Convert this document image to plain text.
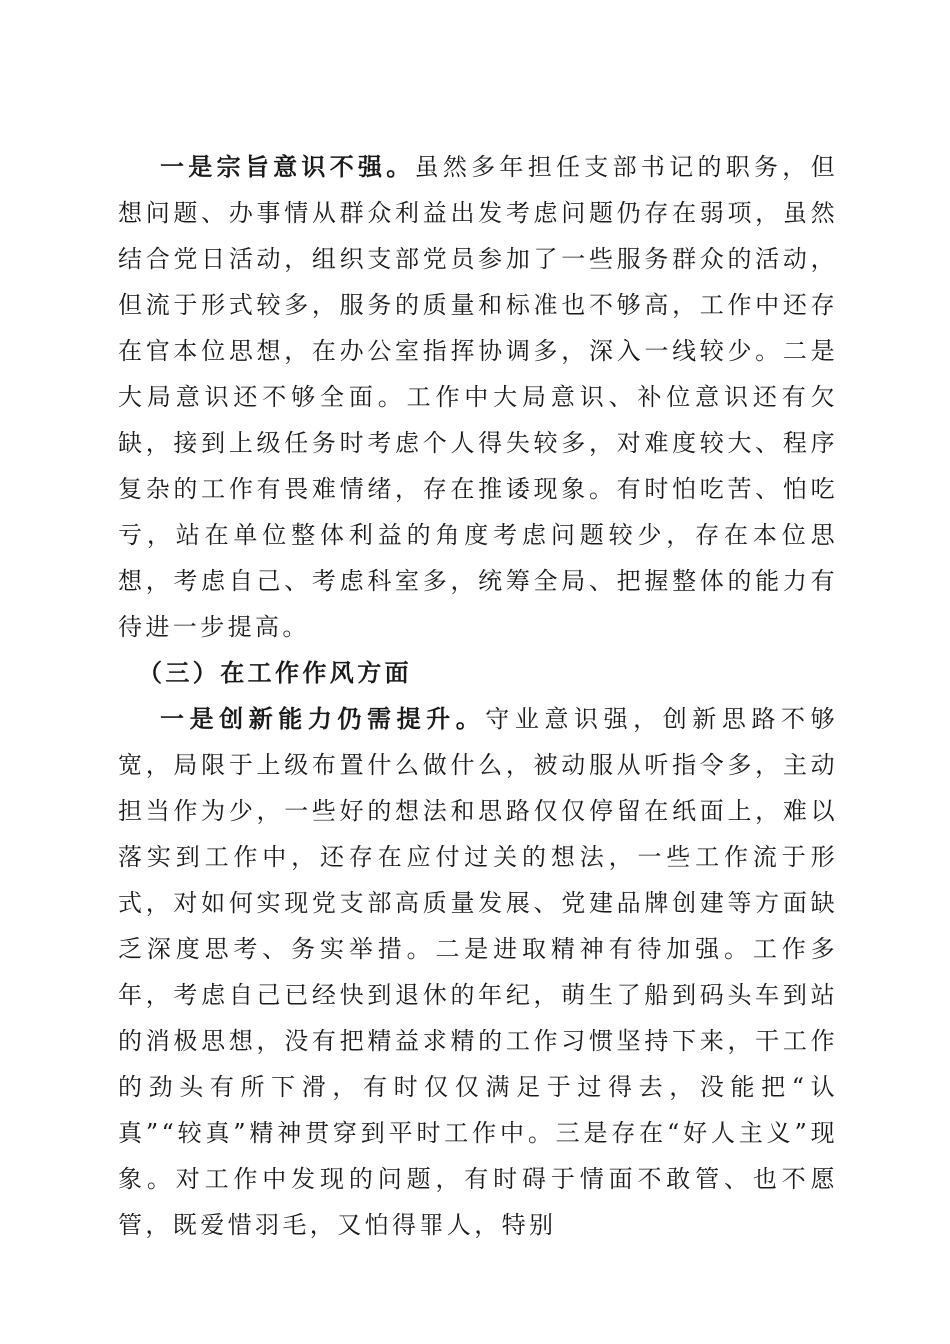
一是宗旨意识不强。虽然多年担任支部书记的职务，但想问题、办事情从群众利益出发考虑问题仍存在弱项，虽然结合党日活动，组织支部党员参加了一些服务群众的活动，但流于形式较多，服务的质量和标准也不够高，工作中还存在官本位思想，在办公室指挥协调多，深入一线较少。二是大局意识还不够全面。工作中大局意识、补位意识还有欠缺，接到上级任务时考虑个人得失较多，对难度较大、程序复杂的工作有畏难情绪，存在推诿现象。有时怕吃苦、怕吃亏，站在单位整体利益的角度考虑问题较少，存在本位思想，考虑自己、考虑科室多，统筹全局、把握整体的能力有待进一步提高。

（三）在工作作风方面

一是创新能力仍需提升。守业意识强，创新思路不够宽，局限于上级布置什么做什么，被动服从听指令多，主动担当作为少，一些好的想法和思路仅仅停留在纸面上，难以落实到工作中，还存在应付过关的想法，一些工作流于形式，对如何实现党支部高质量发展、党建品牌创建等方面缺乏深度思考、务实举措。二是进取精神有待加强。工作多年，考虑自己已经快到退休的年纪，萌生了船到码头车到站的消极思想，没有把精益求精的工作习惯坚持下来，干工作的劲头有所下滑，有时仅仅满足于过得去，没能把“认真”“较真”精神贯穿到平时工作中。三是存在“好人主义”现象。对工作中发现的问题，有时碍于情面不敢管、也不愿管，既爱惜羽毛，又怕得罪人，特别
